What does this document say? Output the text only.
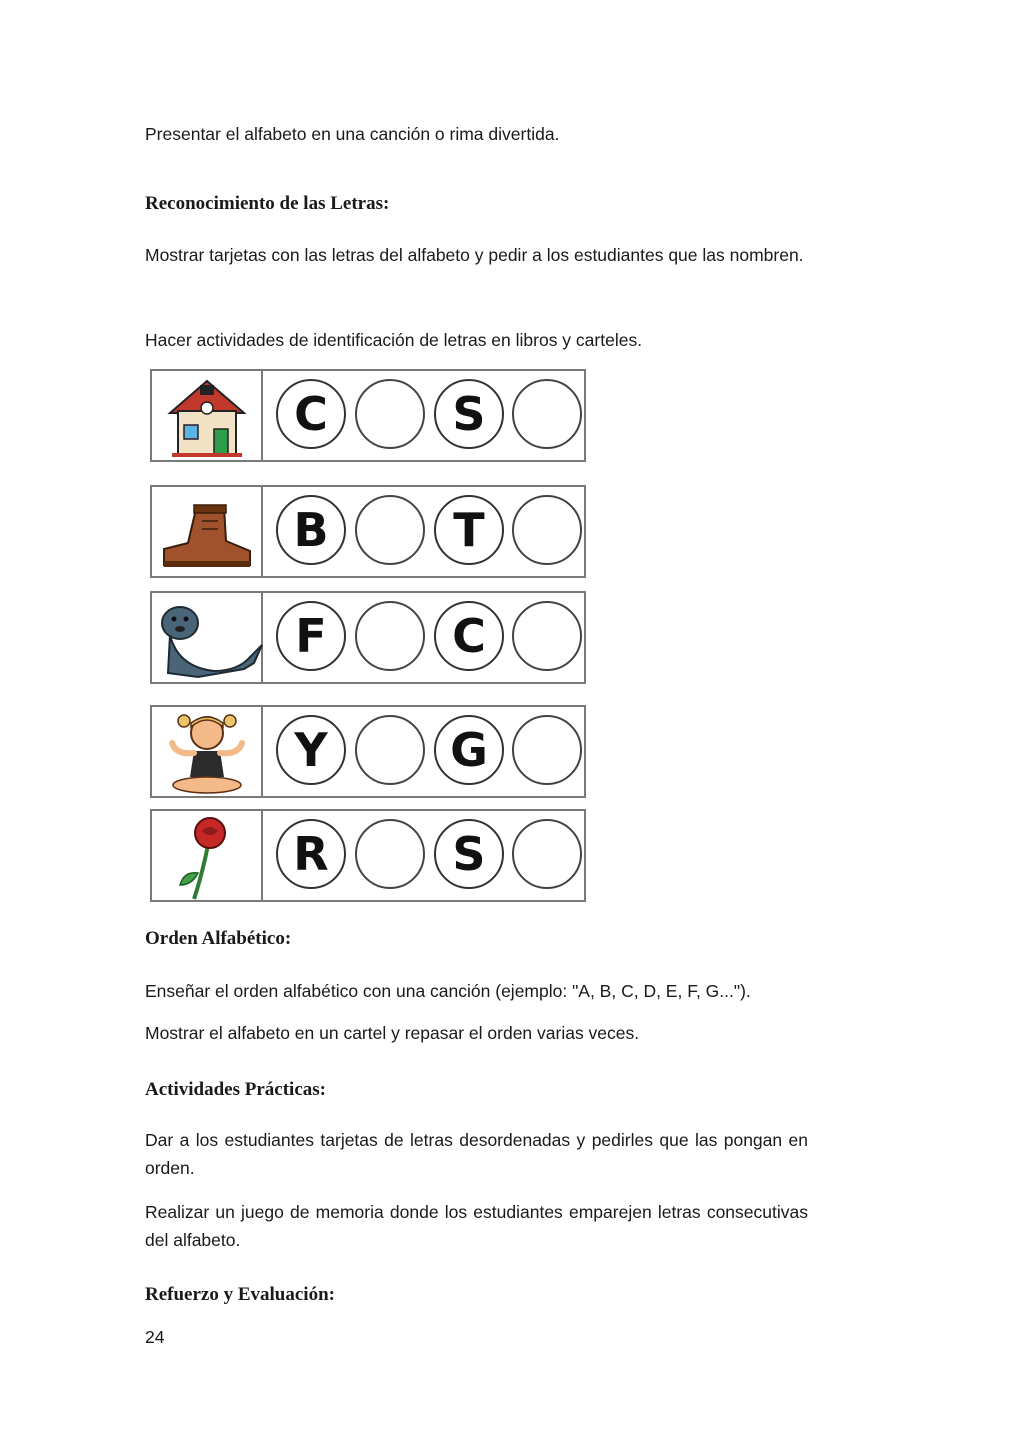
Presentar el alfabeto en una canción o rima divertida.

Reconocimiento de las Letras:

Mostrar tarjetas con las letras del alfabeto y pedir a los estudiantes que las nombren.

Hacer actividades de identificación de letras en libros y carteles.

C	S
B	T
F	C
Y	G
R	S
Orden Alfabético:

Enseñar el orden alfabético con una canción (ejemplo: "A, B, C, D, E, F, G...").

Mostrar el alfabeto en un cartel y repasar el orden varias veces.

Actividades Prácticas:

Dar a los estudiantes tarjetas de letras desordenadas y pedirles que las pongan en orden.

Realizar un juego de memoria donde los estudiantes emparejen letras consecutivas del alfabeto.

Refuerzo y Evaluación:
24
